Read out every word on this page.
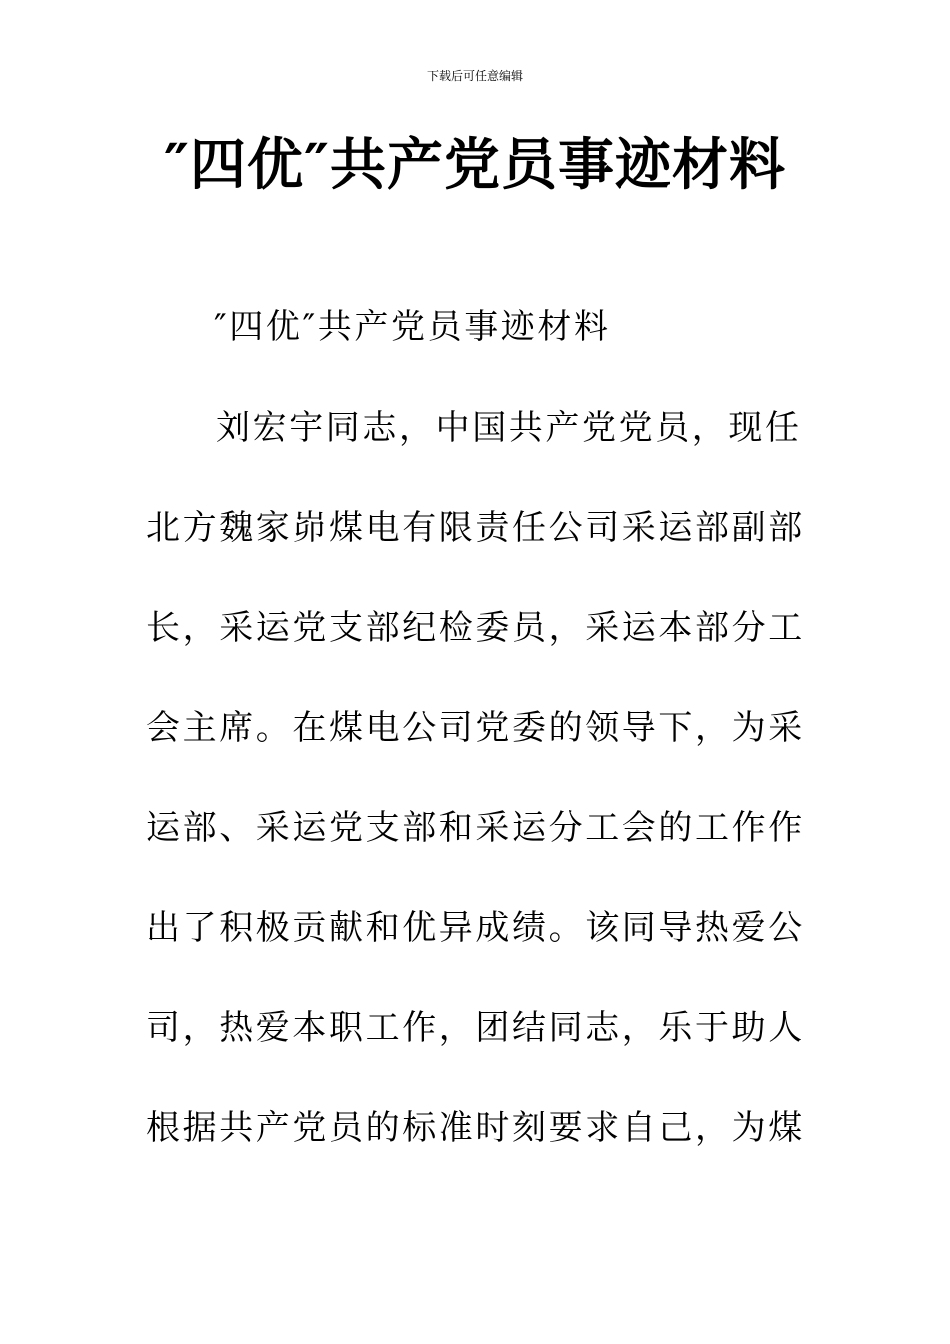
下载后可任意编辑
″四优″共产党员事迹材料
″四优″共产党员事迹材料
刘宏宇同志，中国共产党党员，现任
北方魏家峁煤电有限责任公司采运部副部
长，采运党支部纪检委员，采运本部分工
会主席。在煤电公司党委的领导下，为采
运部、采运党支部和采运分工会的工作作
出了积极贡献和优异成绩。该同导热爱公
司，热爱本职工作，团结同志，乐于助人
根据共产党员的标准时刻要求自己，为煤
